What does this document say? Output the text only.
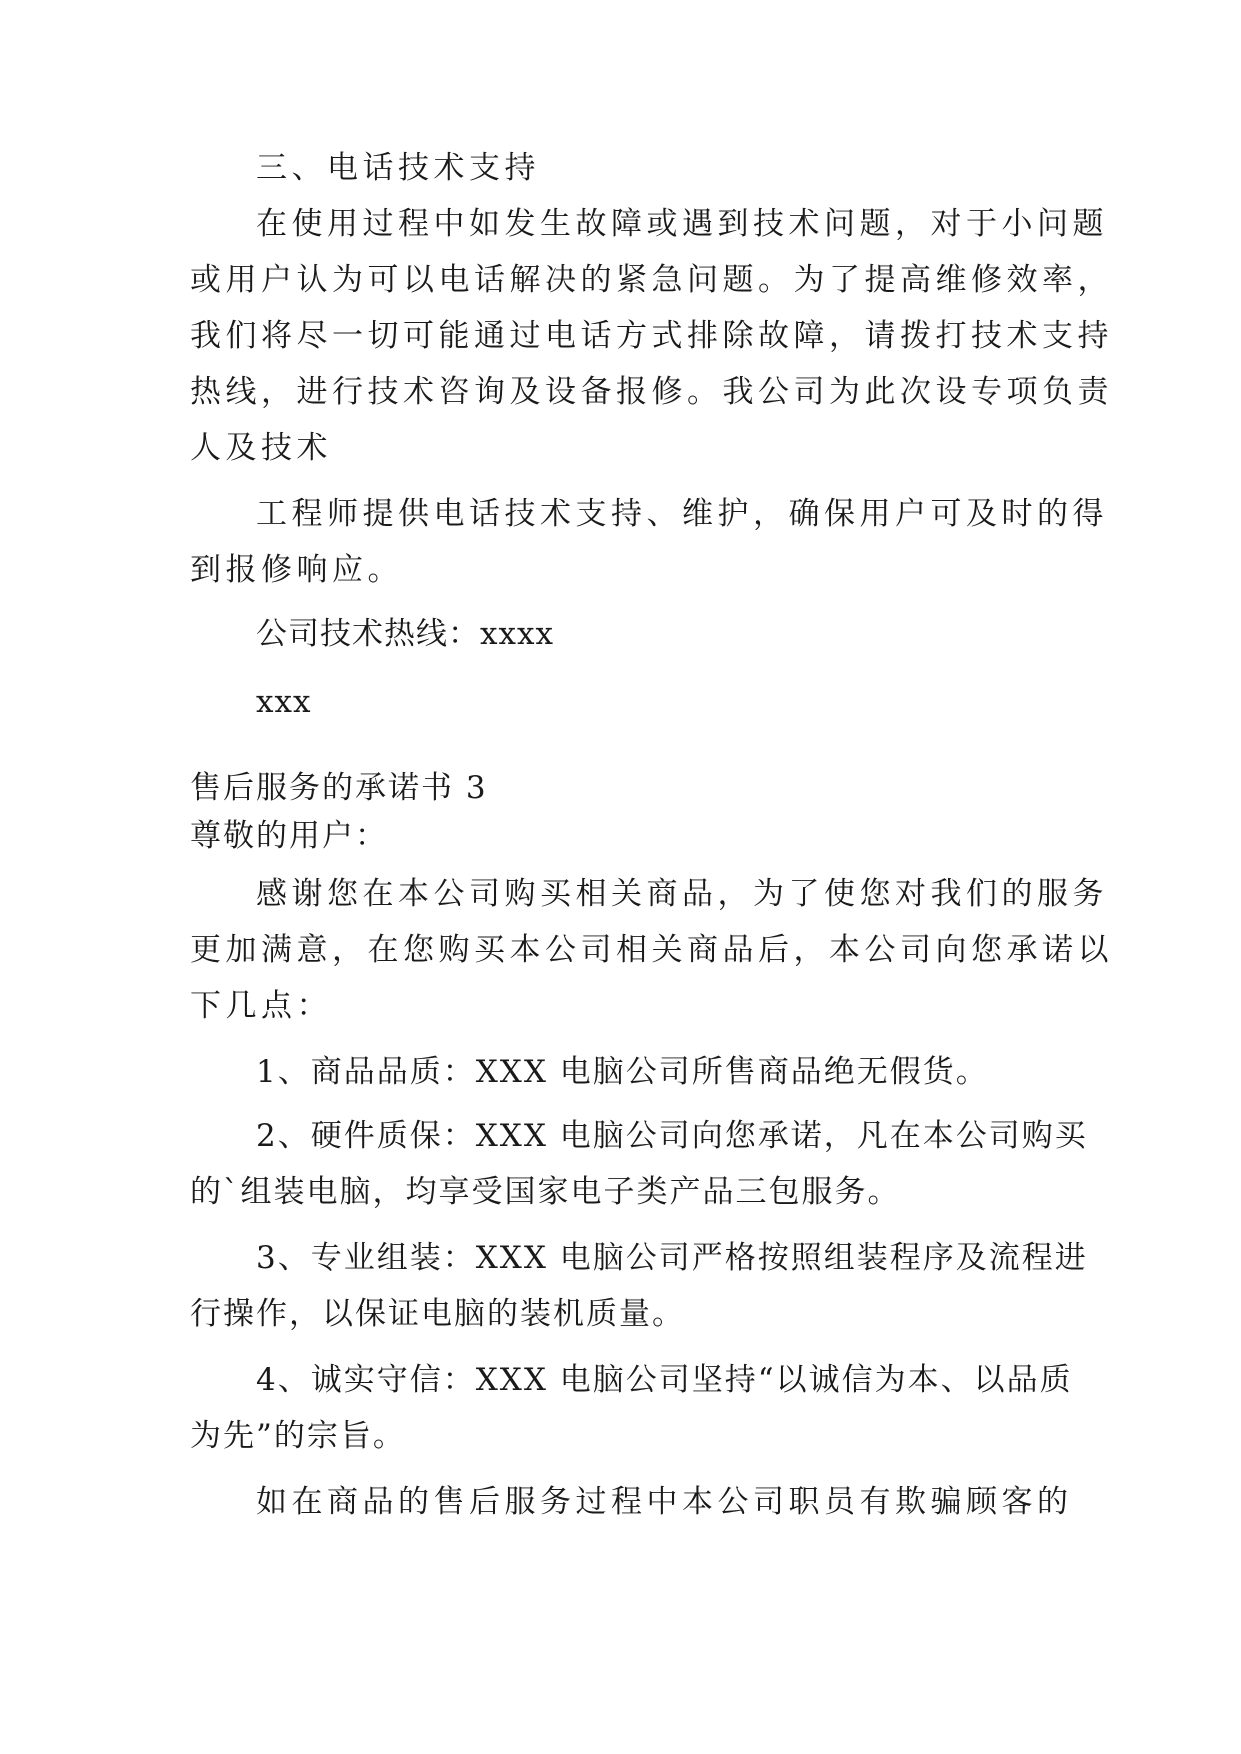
三、电话技术支持
在使用过程中如发生故障或遇到技术问题，对于小问题
或用户认为可以电话解决的紧急问题。为了提高维修效率，
我们将尽一切可能通过电话方式排除故障，请拨打技术支持
热线，进行技术咨询及设备报修。我公司为此次设专项负责
人及技术
工程师提供电话技术支持、维护，确保用户可及时的得
到报修响应。
公司技术热线：xxxx
xxx
售后服务的承诺书 3
尊敬的用户：
感谢您在本公司购买相关商品，为了使您对我们的服务
更加满意，在您购买本公司相关商品后，本公司向您承诺以
下几点：
1、商品品质：XXX 电脑公司所售商品绝无假货。
2、硬件质保：XXX 电脑公司向您承诺，凡在本公司购买
的`组装电脑，均享受国家电子类产品三包服务。
3、专业组装：XXX 电脑公司严格按照组装程序及流程进
行操作，以保证电脑的装机质量。
4、诚实守信：XXX 电脑公司坚持“以诚信为本、以品质
为先”的宗旨。
如在商品的售后服务过程中本公司职员有欺骗顾客的
